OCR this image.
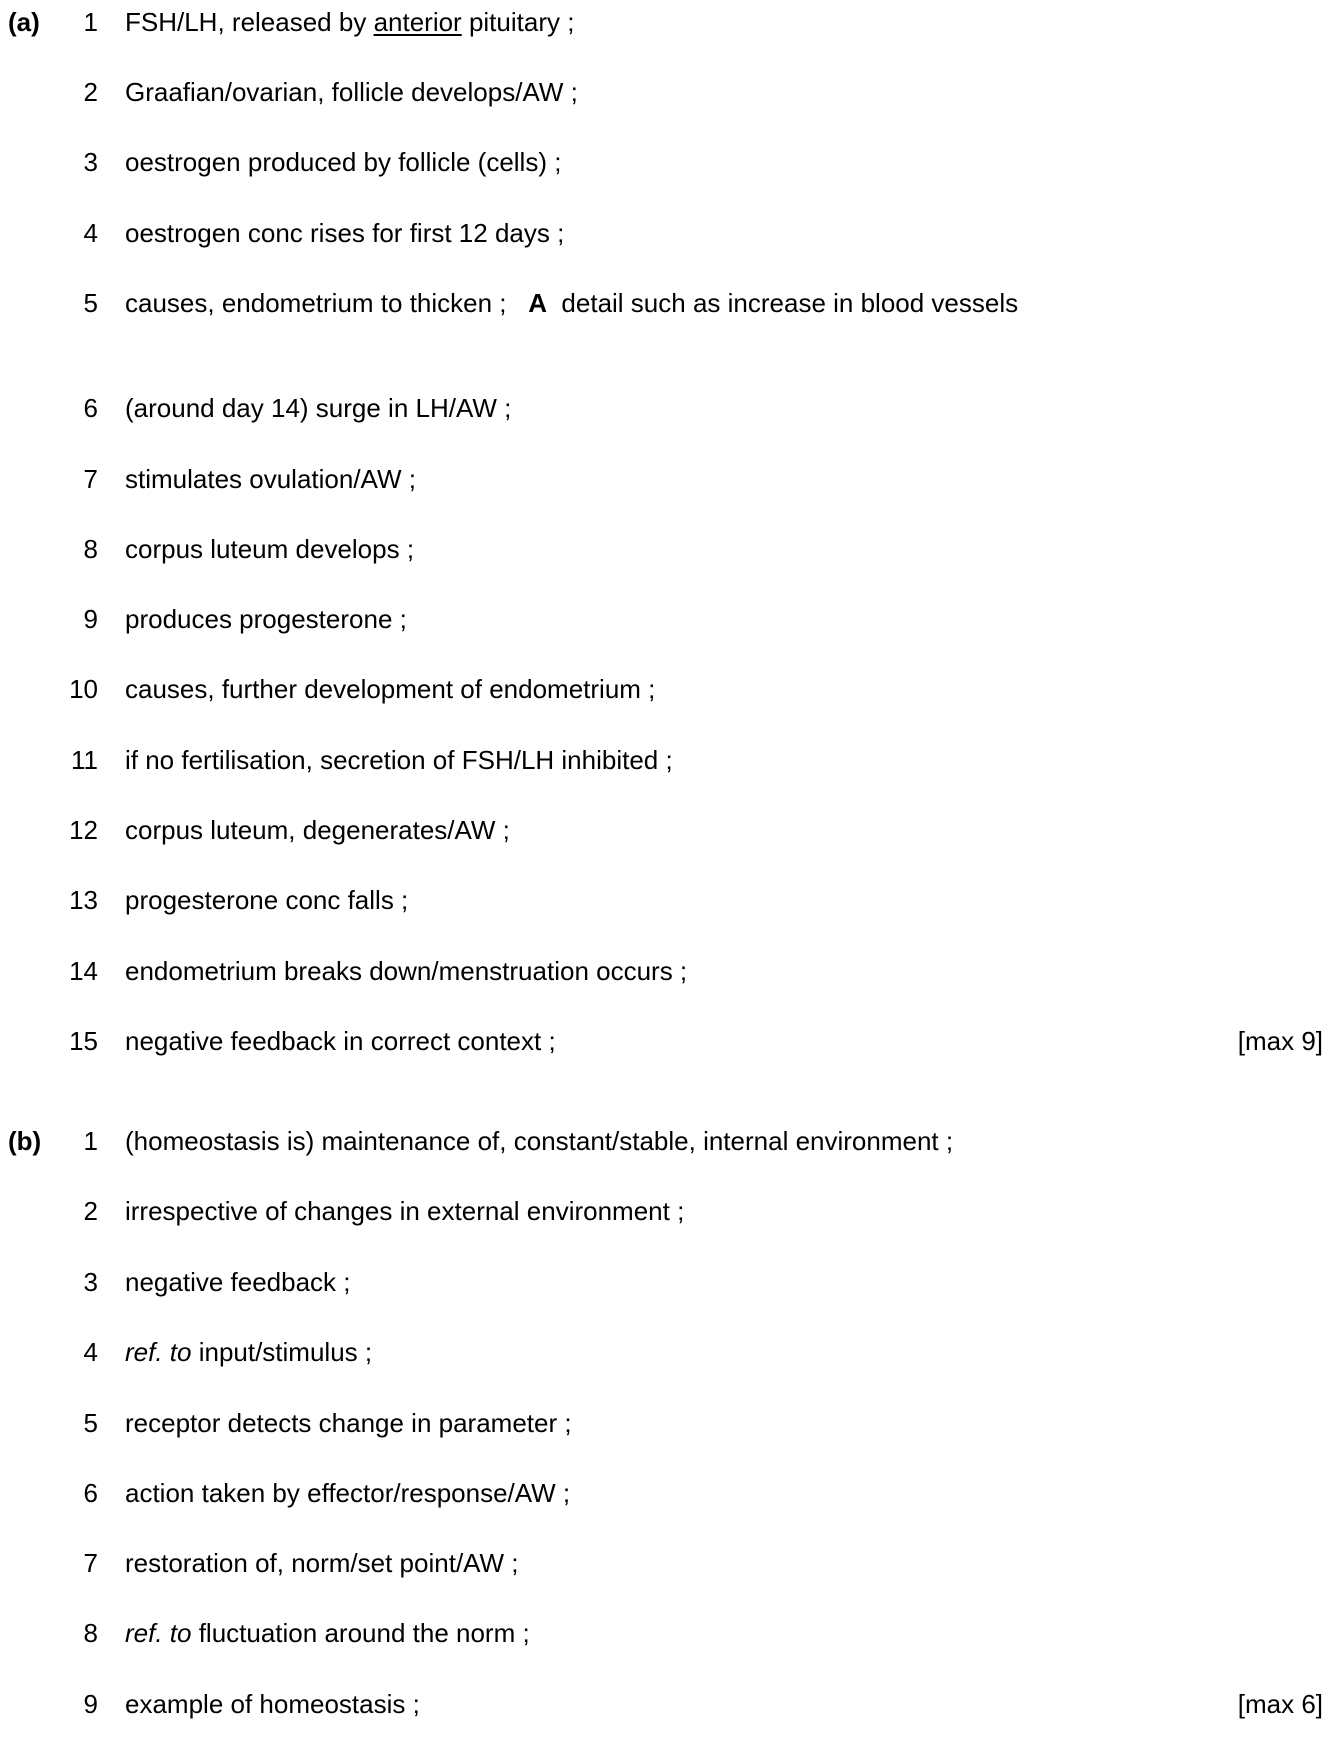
(a)	1 FSH/LH, released by anterior pituitary ;
2 Graafian/ovarian, follicle develops/AW ;
3 oestrogen produced by follicle (cells) ;
4 oestrogen conc rises for first 12 days ;
5 causes, endometrium to thicken ;   A  detail such as increase in blood vessels
6 (around day 14) surge in LH/AW ;
7 stimulates ovulation/AW ;
8 corpus luteum develops ;
9 produces progesterone ;
10 causes, further development of endometrium ;
11 if no fertilisation, secretion of FSH/LH inhibited ;
12 corpus luteum, degenerates/AW ;
13 progesterone conc falls ;
14 endometrium breaks down/menstruation occurs ;
15 negative feedback in correct context ;	[max 9]
(b)	1 (homeostasis is) maintenance of, constant/stable, internal environment ;
2 irrespective of changes in external environment ;
3 negative feedback ;
4 ref. to input/stimulus ;
5 receptor detects change in parameter ;
6 action taken by effector/response/AW ;
7 restoration of, norm/set point/AW ;
8 ref. to fluctuation around the norm ;
9 example of homeostasis ;	[max 6]
